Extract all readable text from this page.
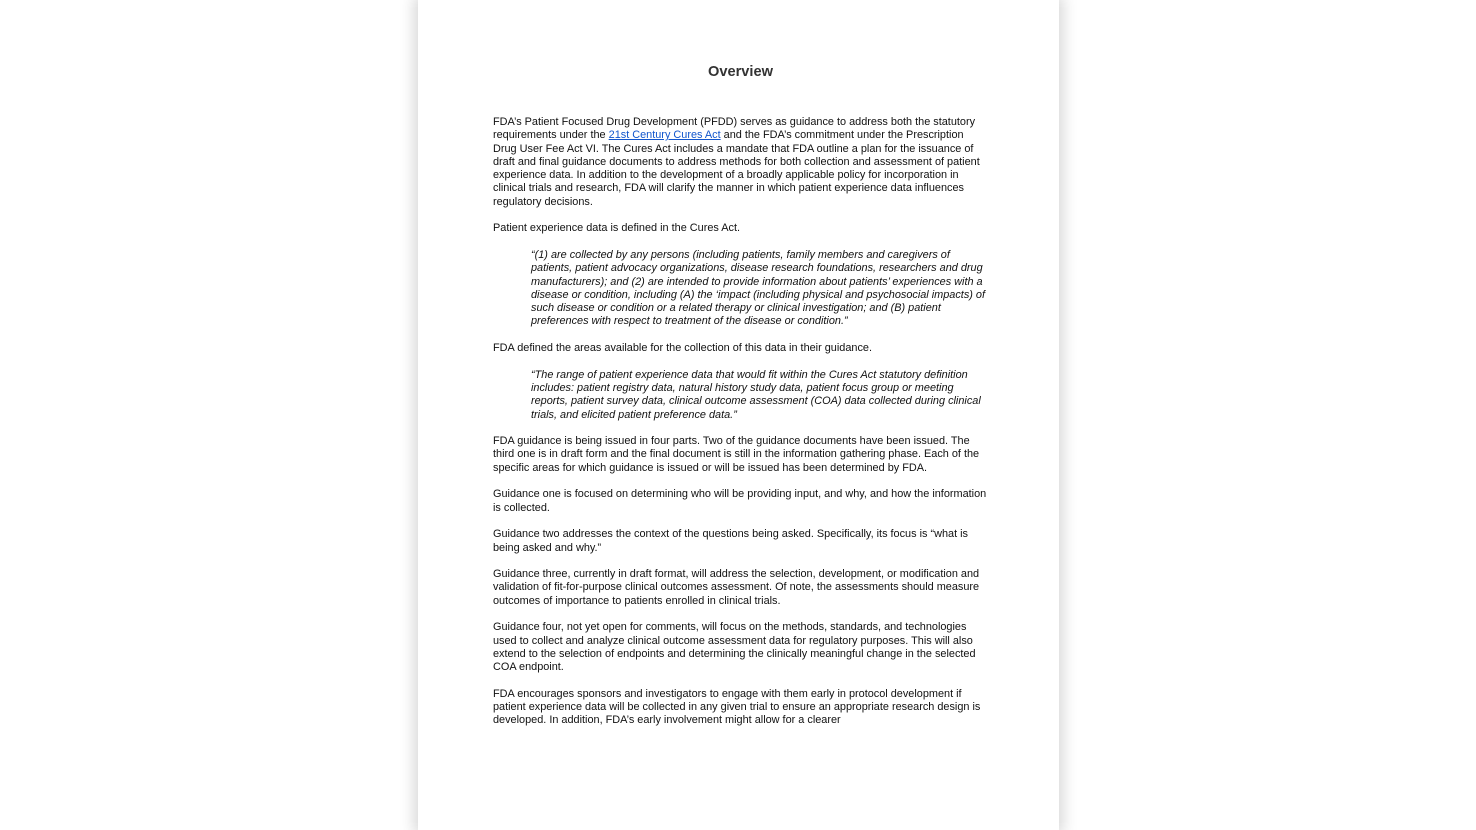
Overview

FDA’s Patient Focused Drug Development (PFDD) serves as guidance to address both the statutory requirements under the 21st Century Cures Act and the FDA’s commitment under the Prescription Drug User Fee Act VI. The Cures Act includes a mandate that FDA outline a plan for the issuance of draft and final guidance documents to address methods for both collection and assessment of patient experience data. In addition to the development of a broadly applicable policy for incorporation in clinical trials and research, FDA will clarify the manner in which patient experience data influences regulatory decisions.

Patient experience data is defined in the Cures Act.

“(1) are collected by any persons (including patients, family members and caregivers of patients, patient advocacy organizations, disease research foundations, researchers and drug manufacturers); and (2) are intended to provide information about patients’ experiences with a disease or condition, including (A) the ‘impact (including physical and psychosocial impacts) of such disease or condition or a related therapy or clinical investigation; and (B) patient preferences with respect to treatment of the disease or condition.”

FDA defined the areas available for the collection of this data in their guidance.

“The range of patient experience data that would fit within the Cures Act statutory definition includes: patient registry data, natural history study data, patient focus group or meeting reports, patient survey data, clinical outcome assessment (COA) data collected during clinical trials, and elicited patient preference data.”

FDA guidance is being issued in four parts. Two of the guidance documents have been issued. The third one is in draft form and the final document is still in the information gathering phase. Each of the specific areas for which guidance is issued or will be issued has been determined by FDA.

Guidance one is focused on determining who will be providing input, and why, and how the information is collected.

Guidance two addresses the context of the questions being asked. Specifically, its focus is “what is being asked and why.”

Guidance three, currently in draft format, will address the selection, development, or modification and validation of fit-for-purpose clinical outcomes assessment. Of note, the assessments should measure outcomes of importance to patients enrolled in clinical trials.

Guidance four, not yet open for comments, will focus on the methods, standards, and technologies used to collect and analyze clinical outcome assessment data for regulatory purposes. This will also extend to the selection of endpoints and determining the clinically meaningful change in the selected COA endpoint.

FDA encourages sponsors and investigators to engage with them early in protocol development if patient experience data will be collected in any given trial to ensure an appropriate research design is developed. In addition, FDA’s early involvement might allow for a clearer
